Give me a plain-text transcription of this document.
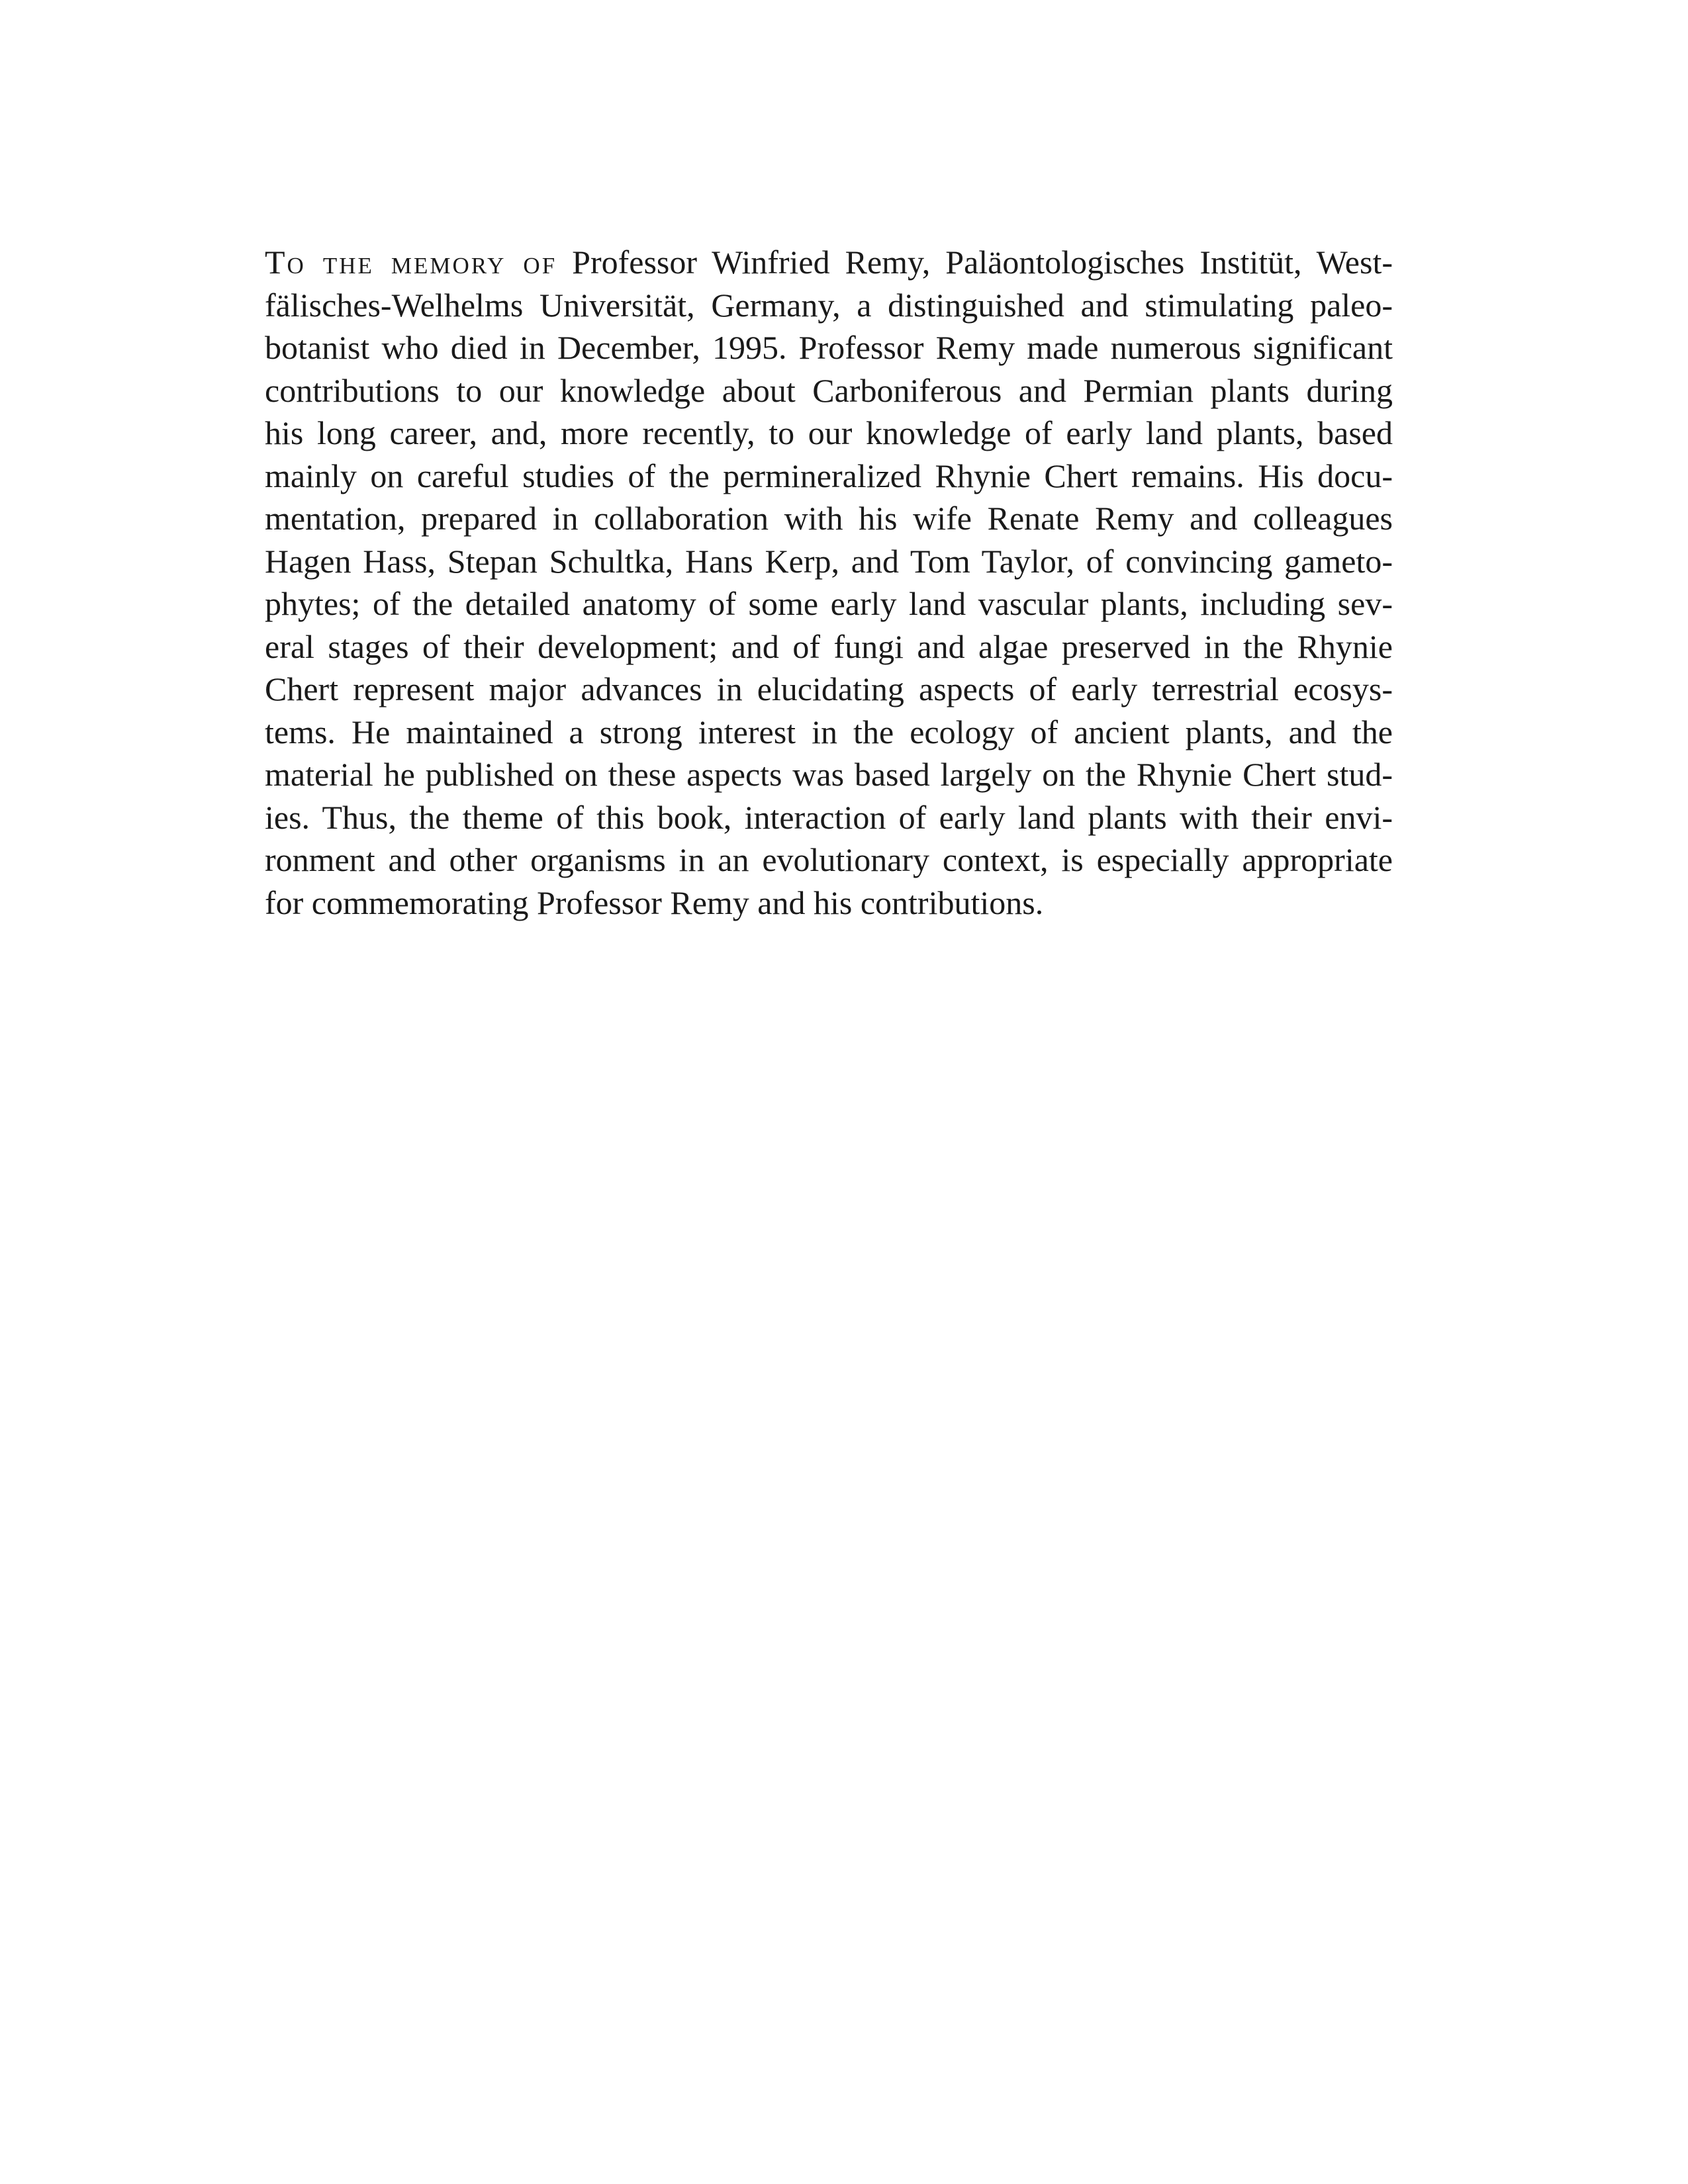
To the memory of Professor Winfried Remy, Paläontologisches Institüt, West-
fälisches-Welhelms Universität, Germany, a distinguished and stimulating paleo-
botanist who died in December, 1995. Professor Remy made numerous significant
contributions to our knowledge about Carboniferous and Permian plants during
his long career, and, more recently, to our knowledge of early land plants, based
mainly on careful studies of the permineralized Rhynie Chert remains. His docu-
mentation, prepared in collaboration with his wife Renate Remy and colleagues
Hagen Hass, Stepan Schultka, Hans Kerp, and Tom Taylor, of convincing gameto-
phytes; of the detailed anatomy of some early land vascular plants, including sev-
eral stages of their development; and of fungi and algae preserved in the Rhynie
Chert represent major advances in elucidating aspects of early terrestrial ecosys-
tems. He maintained a strong interest in the ecology of ancient plants, and the
material he published on these aspects was based largely on the Rhynie Chert stud-
ies. Thus, the theme of this book, interaction of early land plants with their envi-
ronment and other organisms in an evolutionary context, is especially appropriate
for commemorating Professor Remy and his contributions.
